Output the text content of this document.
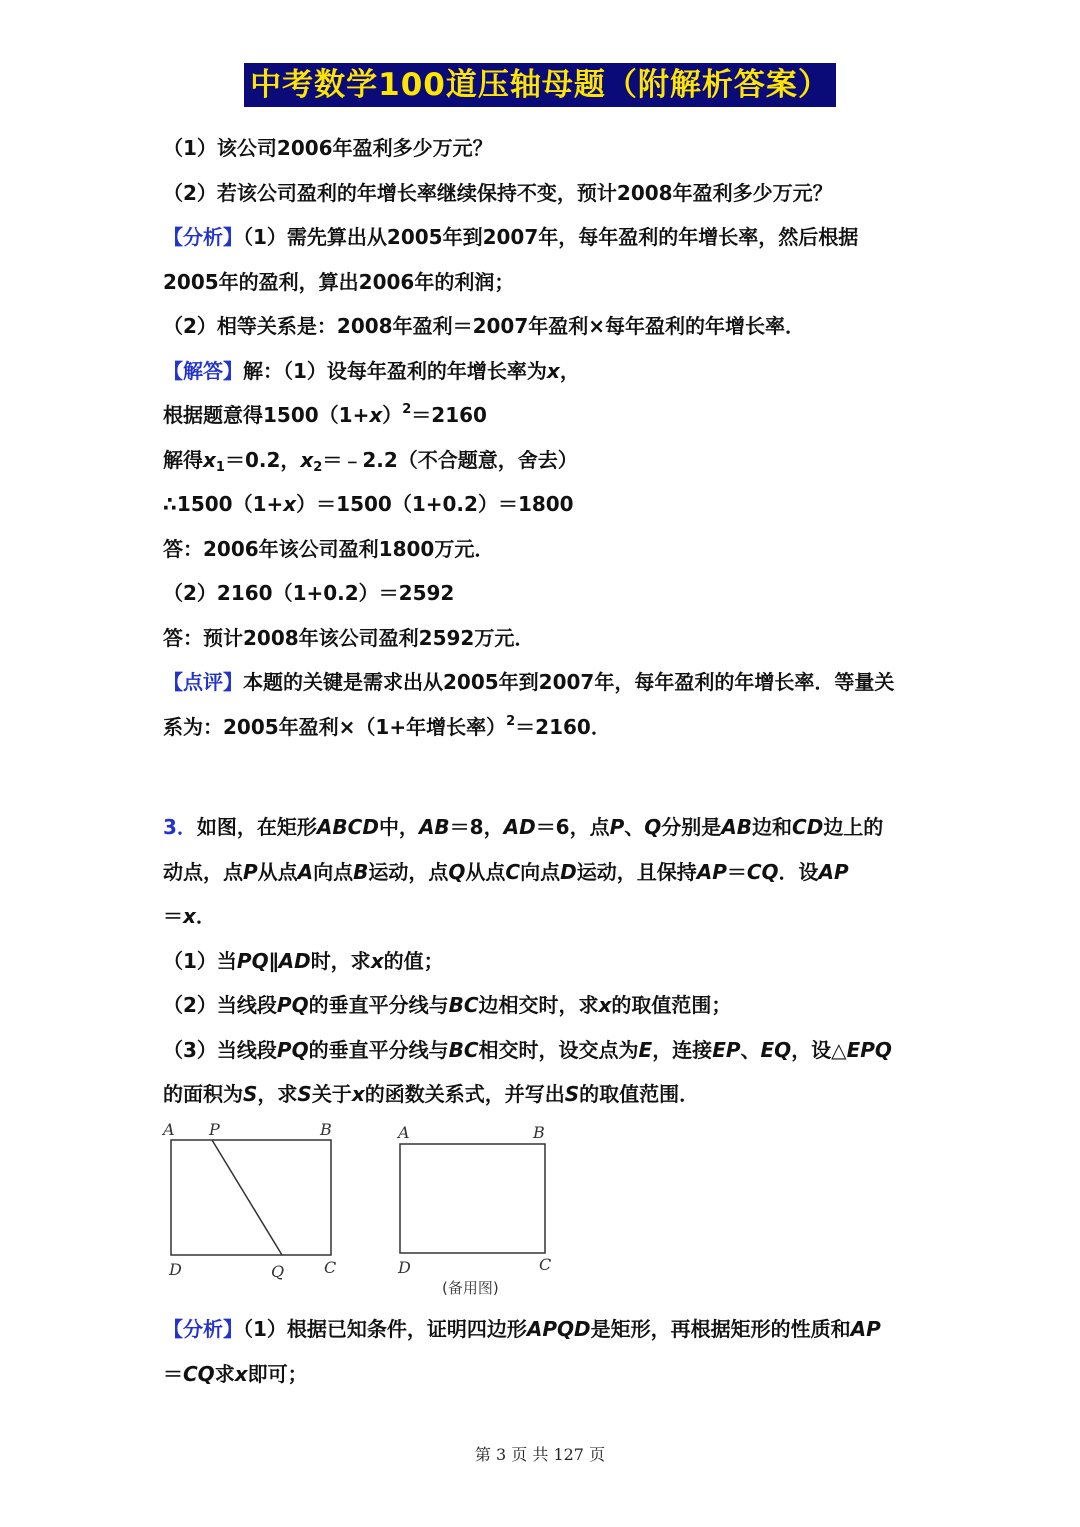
中考数学100道压轴母题（附解析答案）
（1）该公司2006年盈利多少万元？
（2）若该公司盈利的年增长率继续保持不变，预计2008年盈利多少万元？
【分析】（1）需先算出从2005年到2007年，每年盈利的年增长率，然后根据
2005年的盈利，算出2006年的利润；
（2）相等关系是：2008年盈利＝2007年盈利×每年盈利的年增长率．
【解答】解：（1）设每年盈利的年增长率为x，
根据题意得$1500(1+x)^2=2160$
解得$x_1=0.2$，$x_2=﹣2.2$（不合题意，舍去）
∴1500（1+x）＝1500（1+0.2）＝1800
答：2006年该公司盈利1800万元．
（2）2160（1+0.2）＝2592
答：预计2008年该公司盈利2592万元．
【点评】本题的关键是需求出从2005年到2007年，每年盈利的年增长率．等量关
系为：2005年盈利×（1+年增长率）$^2$＝2160．
3．如图，在矩形ABCD中，AB＝8，AD＝6，点P、Q分别是AB边和CD边上的
动点，点P从点A向点B运动，点Q从点C向点D运动，且保持AP＝CQ．设AP
＝x．
（1）当PQ∥AD时，求x的值；
（2）当线段PQ的垂直平分线与BC边相交时，求x的取值范围；
（3）当线段PQ的垂直平分线与BC相交时，设交点为E，连接EP、EQ，设△EPQ
的面积为S，求S关于x的函数关系式，并写出S的取值范围．
A P	B
D	Q C
A	B
D	C
(备用图)
【分析】（1）根据已知条件，证明四边形APQD是矩形，再根据矩形的性质和AP
＝CQ求x即可；
第 3 页 共 127 页
